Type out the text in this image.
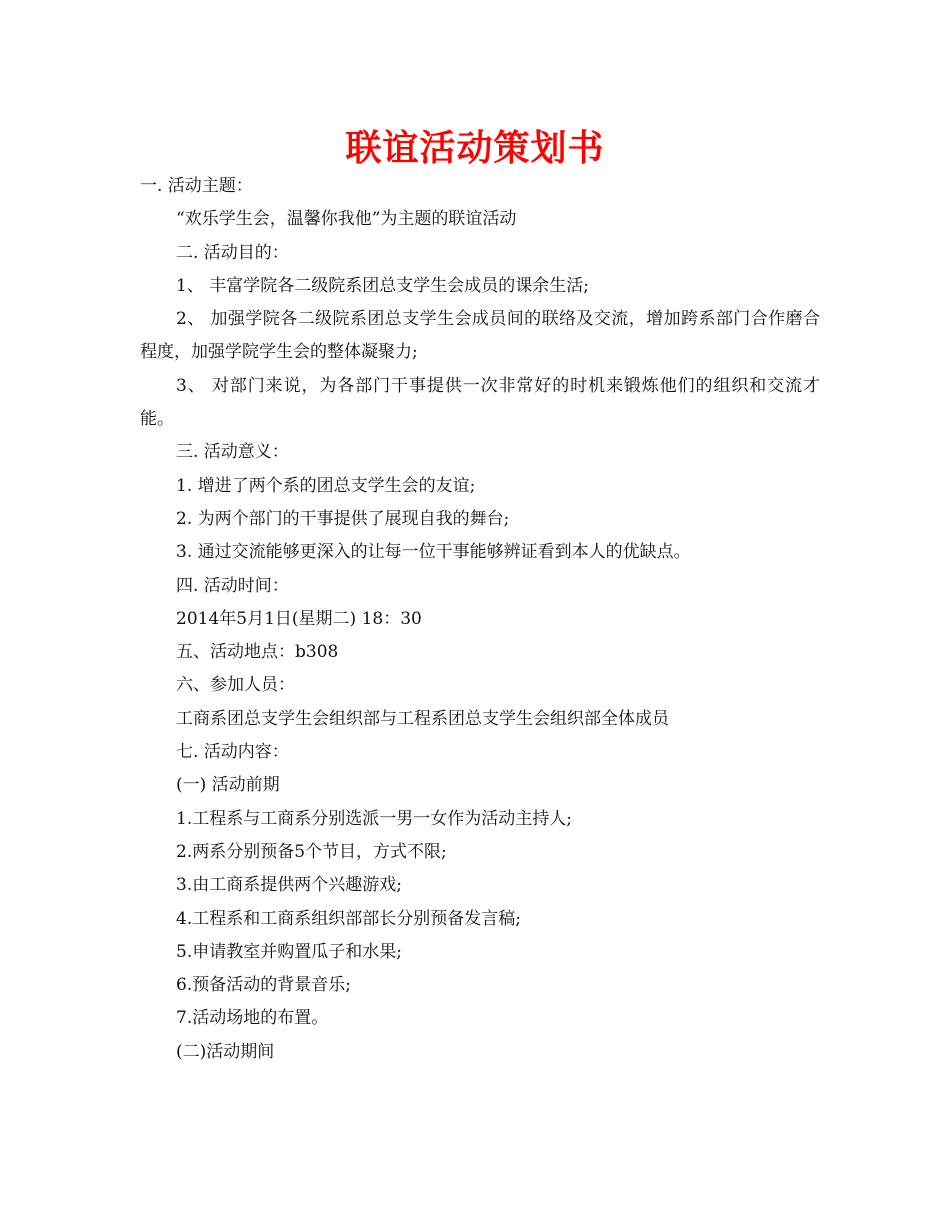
联谊活动策划书
一. 活动主题：
“欢乐学生会，温馨你我他”为主题的联谊活动
二. 活动目的：
1、 丰富学院各二级院系团总支学生会成员的课余生活;
2、 加强学院各二级院系团总支学生会成员间的联络及交流，增加跨系部门合作磨合程度，加强学院学生会的整体凝聚力;
3、 对部门来说，为各部门干事提供一次非常好的时机来锻炼他们的组织和交流才能。
三. 活动意义：
1. 增进了两个系的团总支学生会的友谊;
2. 为两个部门的干事提供了展现自我的舞台;
3. 通过交流能够更深入的让每一位干事能够辨证看到本人的优缺点。
四. 活动时间：
2014年5月1日(星期二) 18：30
五、活动地点：b308
六、参加人员：
工商系团总支学生会组织部与工程系团总支学生会组织部全体成员
七. 活动内容：
(一) 活动前期
1.工程系与工商系分别选派一男一女作为活动主持人;
2.两系分别预备5个节目，方式不限;
3.由工商系提供两个兴趣游戏;
4.工程系和工商系组织部部长分别预备发言稿;
5.申请教室并购置瓜子和水果;
6.预备活动的背景音乐;
7.活动场地的布置。
(二)活动期间
